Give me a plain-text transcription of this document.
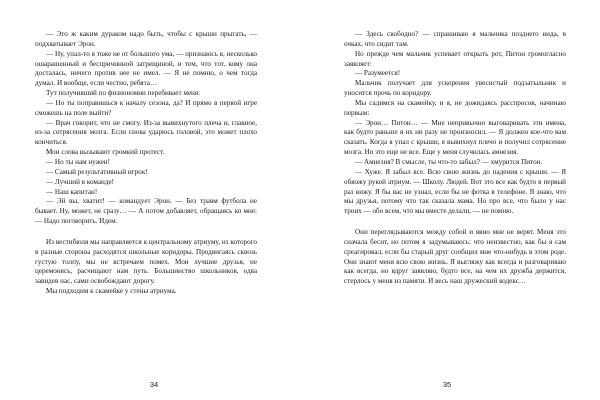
— Это ж каким дураком надо быть, чтобы с крыши прыгать, — подхватывает Эрон.

— Ну, упал-то я тоже не от большого ума, — признаюсь я, несколько ошарашенный и беспричинной затрещиной, и тем, что тот, кому она досталась, ничего против нее не имел. — Я не помню, о чем тогда думал. И вообще, если честно, ребята…

Тут получивший по физиономии перебивает меня:

— Но ты поправишься к началу сезона, да? И прямо в первой игре сможешь на поле выйти?

— Врач говорит, что не смогу. Из-за вывихнутого плеча и, главное, из-за сотрясения мозга. Если снова ударюсь головой, это может плохо кончиться.

Мои слова вызывают громкий протест.

— Но ты нам нужен!

— Самый результативный игрок!

— Лучший в команде!

— Наш капитан!

— Эй вы, хватит! — командует Эрон. — Без травм футбола не бывает. Ну, может, не сразу… — А потом добавляет, обращаясь ко мне: — Надо поговорить. Идем.

Из вестибюля мы направляется к центральному атриуму, из которого в разные стороны расходятся школьные коридоры. Продвигаясь сквозь густую толпу, мы не встречаем помех. Мои лучшие друзья, не церемонясь, расчищают нам путь. Большинство школьников, едва завидев нас, сами освобождают дорогу.

Мы подходим к скамейке у стены атриума.

— Здесь свободно? — спрашиваю я мальчика позднего вида, в очках, что сидит там.

Но прежде чем мальчик успевает открыть рот, Питон громогласно заявляет:

— Разумеется!

Мальчик получает для ускорения увесистый подзатыльник и уносится прочь по коридору.

Мы садимся на скамейку, и я, не дожидаясь расспросов, начинаю первым:

— Эрон… Питон… — Мне непривычно выговаривать эти имена, как будто раньше я их ни разу не произносил. — Я должен кое-что вам сказать. Когда я упал с крыши, я вывихнул плечо и получил сотрясение мозга. Но это еще не все. Еще у меня случилась амнезия.

— Амнезия? В смысле, ты что-то забыл? — хмурится Питон.

— Хуже. Я забыл все. Всю свою жизнь до падения с крыши. — Я обвожу рукой атриум. — Школу. Людей. Вот это все как будто в первый раз вижу. Я бы вас не узнал, если бы не фотка в телефоне. Я знаю, что мы друзья, потому что так сказала мама. Но про все, что было у нас троих — обо всем, что мы вместе делали, — не помню.

Они переглядываются между собой и явно мне не верят. Меня это сначала бесит, но потом я задумываюсь: что неизвестно, как бы я сам среагировал, если бы старый друг сообщил мне что-нибудь в этом роде. Они знают меня всю свою жизнь. Я выгляжу как всегда и разговариваю как всегда, но вдруг заявляю, будто все, на чем их дружба держится, стерлось у меня из памяти. И весь наш дружеский кодекс…

34	35
